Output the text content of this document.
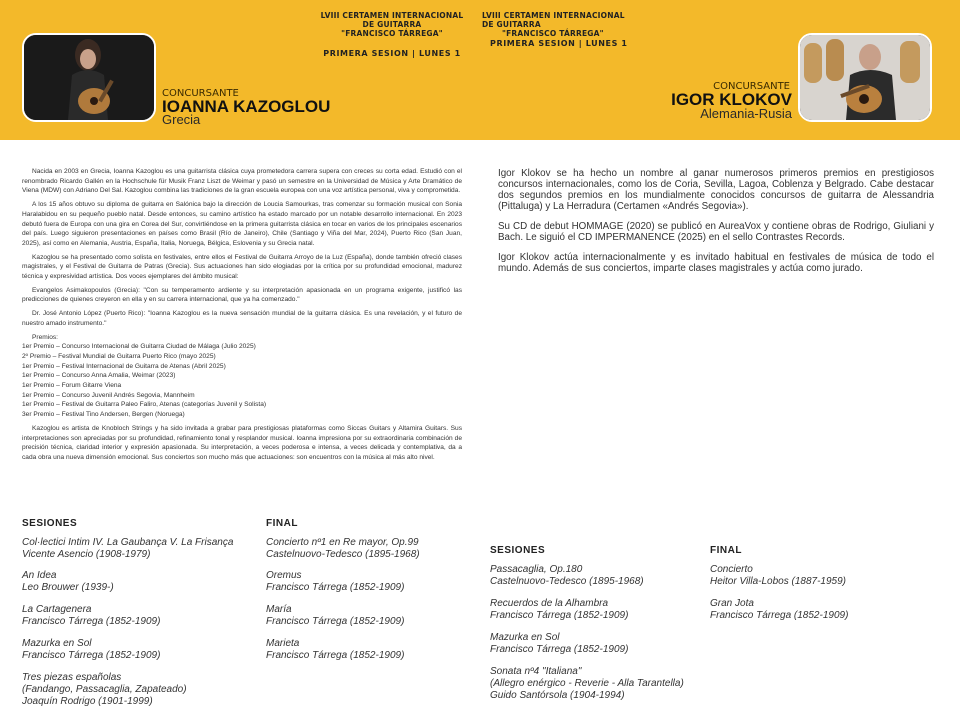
LVIII CERTAMEN INTERNACIONAL DE GUITARRA
"FRANCISCO TÁRREGA"
PRIMERA SESION | LUNES 1
LVIII CERTAMEN INTERNACIONAL DE GUITARRA
"FRANCISCO TÁRREGA"
PRIMERA SESION | LUNES 1
CONCURSANTE
IOANNA KAZOGLOU
Grecia
CONCURSANTE
IGOR KLOKOV
Alemania-Rusia

Nacida en 2003 en Grecia, Ioanna Kazoglou es una guitarrista clásica cuya prometedora carrera supera con creces su corta edad. Estudió con el renombrado Ricardo Gallén en la Hochschule für Musik Franz Liszt de Weimar y pasó un semestre en la Universidad de Música y Arte Dramático de Viena (MDW) con Adriano Del Sal. Kazoglou combina las tradiciones de la gran escuela europea con una voz artística personal, viva y comprometida.

A los 15 años obtuvo su diploma de guitarra en Salónica bajo la dirección de Loucia Samourkas, tras comenzar su formación musical con Sonia Haralabidou en su pequeño pueblo natal. Desde entonces, su camino artístico ha estado marcado por un notable desarrollo internacional. En 2023 debutó fuera de Europa con una gira en Corea del Sur, convirtiéndose en la primera guitarrista clásica en tocar en varios de los principales escenarios del país. Luego siguieron presentaciones en países como Brasil (Río de Janeiro), Chile (Santiago y Viña del Mar, 2024), Puerto Rico (San Juan, 2025), así como en Alemania, Austria, España, Italia, Noruega, Bélgica, Eslovenia y su Grecia natal.

Kazoglou se ha presentado como solista en festivales, entre ellos el Festival de Guitarra Arroyo de la Luz (España), donde también ofreció clases magistrales, y el Festival de Guitarra de Patras (Grecia). Sus actuaciones han sido elogiadas por la crítica por su profundidad emocional, madurez técnica y expresividad artística. Dos voces ejemplares del ámbito musical:

Evangelos Asimakopoulos (Grecia): "Con su temperamento ardiente y su interpretación apasionada en un programa exigente, justificó las predicciones de quienes creyeron en ella y en su carrera internacional, que ya ha comenzado."

Dr. José Antonio López (Puerto Rico): "Ioanna Kazoglou es la nueva sensación mundial de la guitarra clásica. Es una revelación, y el futuro de nuestro amado instrumento."

Premios:
1er Premio – Concurso Internacional de Guitarra Ciudad de Málaga (Julio 2025)
2º Premio – Festival Mundial de Guitarra Puerto Rico (mayo 2025)
1er Premio – Festival Internacional de Guitarra de Atenas (Abril 2025)
1er Premio – Concurso Anna Amalia, Weimar (2023)
1er Premio – Forum Gitarre Viena
1er Premio – Concurso Juvenil Andrés Segovia, Mannheim
1er Premio – Festival de Guitarra Paleo Faliro, Atenas (categorías Juvenil y Solista)
3er Premio – Festival Tino Andersen, Bergen (Noruega)

Kazoglou es artista de Knobloch Strings y ha sido invitada a grabar para prestigiosas plataformas como Siccas Guitars y Altamira Guitars. Sus interpretaciones son apreciadas por su profundidad, refinamiento tonal y resplandor musical. Ioanna impresiona por su extraordinaria combinación de precisión técnica, claridad interior y expresión apasionada. Su interpretación, a veces poderosa e intensa, a veces delicada y contemplativa, da a cada obra una nueva dimensión emocional. Sus conciertos son mucho más que actuaciones: son encuentros con la música al más alto nivel.

Igor Klokov se ha hecho un nombre al ganar numerosos primeros premios en prestigiosos concursos internacionales, como los de Coria, Sevilla, Lagoa, Coblenza y Belgrado. Cabe destacar dos segundos premios en los mundialmente conocidos concursos de guitarra de Alessandria (Pittaluga) y La Herradura (Certamen «Andrés Segovia»).

Su CD de debut HOMMAGE (2020) se publicó en AureaVox y contiene obras de Rodrigo, Giuliani y Bach. Le siguió el CD IMPERMANENCE (2025) en el sello Contrastes Records.

Igor Klokov actúa internacionalmente y es invitado habitual en festivales de música de todo el mundo. Además de sus conciertos, imparte clases magistrales y actúa como jurado.

SESIONES	FINAL
Col·lectici Intim IV. La Gaubança V. La Frisança
Vicente Asencio (1908-1979)
An Idea
Leo Brouwer (1939-)
La Cartagenera
Francisco Tárrega (1852-1909)
Mazurka en Sol
Francisco Tárrega (1852-1909)
Tres piezas españolas
(Fandango, Passacaglia, Zapateado)
Joaquín Rodrigo (1901-1999)
Concierto nº1 en Re mayor, Op.99
Castelnuovo-Tedesco (1895-1968)
Oremus
Francisco Tárrega (1852-1909)
María
Francisco Tárrega (1852-1909)
Marieta
Francisco Tárrega (1852-1909)
SESIONES	FINAL
Passacaglia, Op.180
Castelnuovo-Tedesco (1895-1968)
Recuerdos de la Alhambra
Francisco Tárrega (1852-1909)
Mazurka en Sol
Francisco Tárrega (1852-1909)
Sonata nº4 "Italiana"
(Allegro enérgico - Reverie - Alla Tarantella)
Guido Santórsola (1904-1994)
Concierto
Heitor Villa-Lobos (1887-1959)
Gran Jota
Francisco Tárrega (1852-1909)
